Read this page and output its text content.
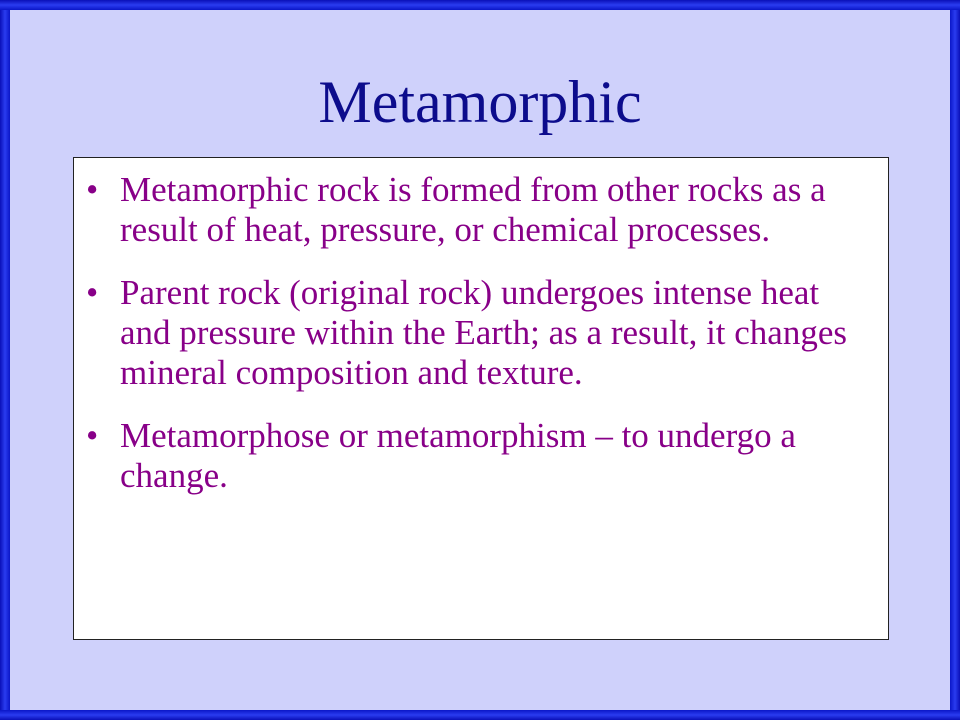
Metamorphic
• Metamorphic rock is formed from other rocks as a result of heat, pressure, or chemical processes.
• Parent rock (original rock) undergoes intense heat and pressure within the Earth; as a result, it changes mineral composition and texture.
• Metamorphose or metamorphism – to undergo a change.
